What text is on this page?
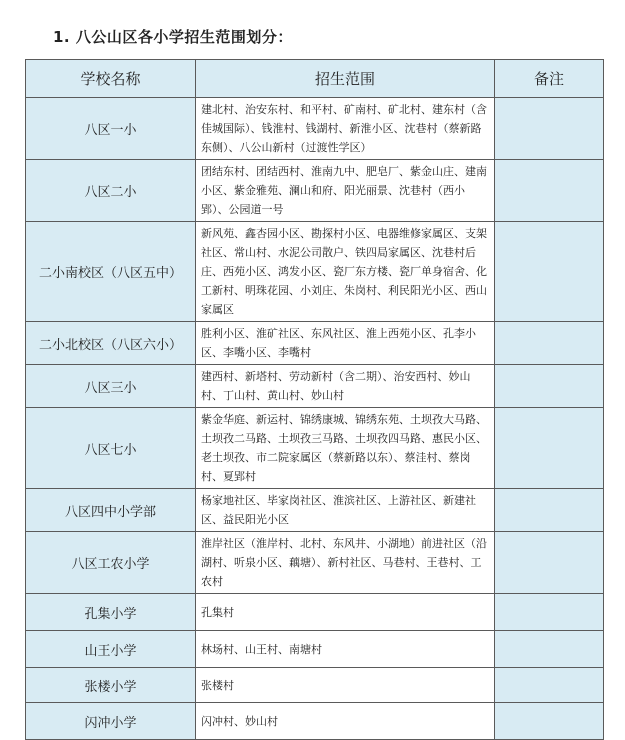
1. 八公山区各小学招生范围划分：
学校名称	招生范围	备注
八区一小	建北村、治安东村、和平村、矿南村、矿北村、建东村（含佳城国际）、钱淮村、钱湖村、新淮小区、沈巷村（蔡新路东侧）、八公山新村（过渡性学区）	
八区二小	团结东村、团结西村、淮南九中、肥皂厂、紫金山庄、建南小区、紫金雅苑、澜山和府、阳光丽景、沈巷村（西小郢）、公园道一号	
二小南校区（八区五中）	新风苑、鑫杏园小区、勘探村小区、电器维修家属区、支架社区、常山村、水泥公司散户、铁四局家属区、沈巷村后庄、西苑小区、鸿发小区、瓷厂东方楼、瓷厂单身宿舍、化工新村、明珠花园、小刘庄、朱岗村、利民阳光小区、西山家属区	
二小北校区（八区六小）	胜利小区、淮矿社区、东风社区、淮上西苑小区、孔李小区、李嘴小区、李嘴村	
八区三小	建西村、新塔村、劳动新村（含二期）、治安西村、妙山村、丁山村、黄山村、妙山村	
八区七小	紫金华庭、新运村、锦绣康城、锦绣东苑、土坝孜大马路、土坝孜二马路、土坝孜三马路、土坝孜四马路、惠民小区、老土坝孜、市二院家属区（蔡新路以东）、蔡洼村、蔡岗村、夏郢村	
八区四中小学部	杨家地社区、毕家岗社区、淮滨社区、上游社区、新建社区、益民阳光小区	
八区工农小学	淮岸社区（淮岸村、北村、东风井、小湖地）前进社区（沿湖村、听泉小区、藕塘）、新村社区、马巷村、王巷村、工农村	
孔集小学	孔集村	
山王小学	林场村、山王村、南塘村	
张楼小学	张楼村	
闪冲小学	闪冲村、妙山村	
